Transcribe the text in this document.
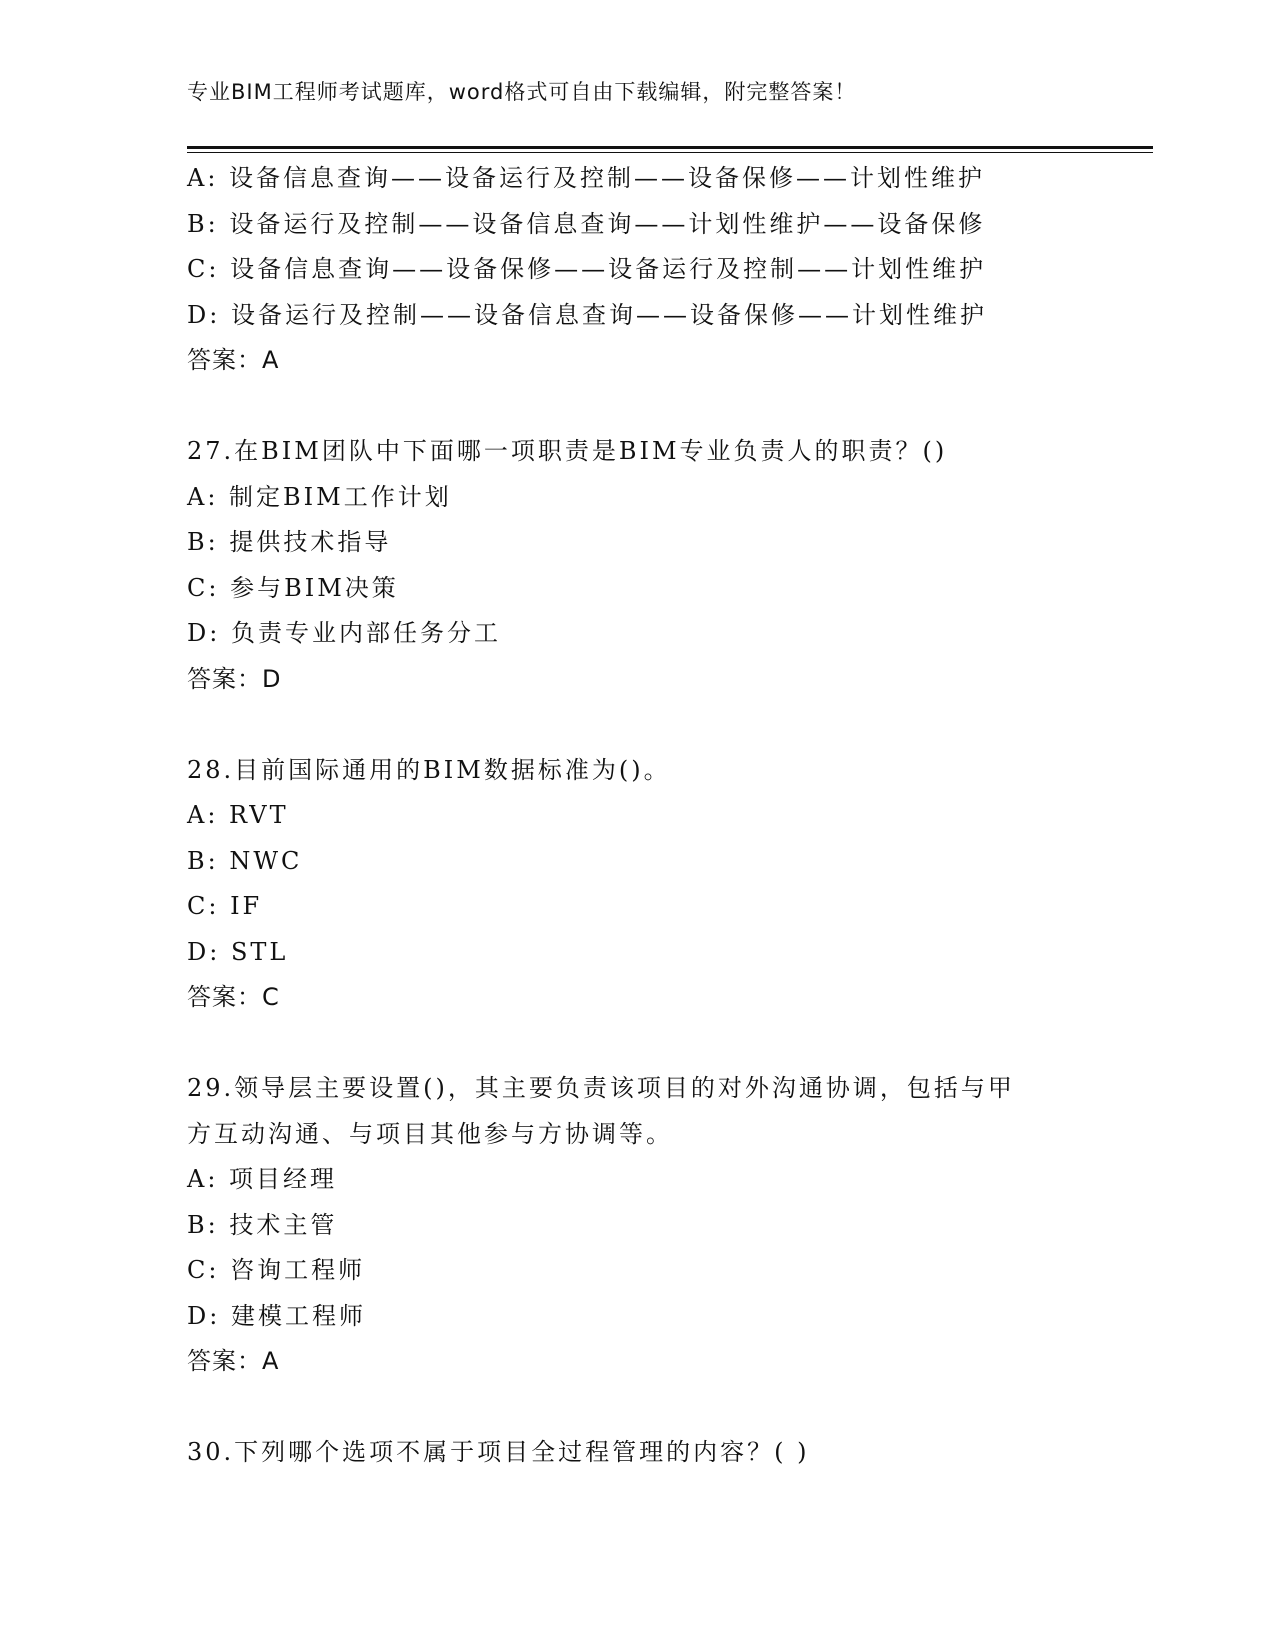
专业BIM工程师考试题库，word格式可自由下载编辑，附完整答案！
A: 设备信息查询——设备运行及控制——设备保修——计划性维护
B: 设备运行及控制——设备信息查询——计划性维护——设备保修
C: 设备信息查询——设备保修——设备运行及控制——计划性维护
D: 设备运行及控制——设备信息查询——设备保修——计划性维护
答案：A
27.在BIM团队中下面哪一项职责是BIM专业负责人的职责？()
A: 制定BIM工作计划
B: 提供技术指导
C: 参与BIM决策
D: 负责专业内部任务分工
答案：D
28.目前国际通用的BIM数据标准为()。
A: RVT
B: NWC
C: IF
D: STL
答案：C
29.领导层主要设置()，其主要负责该项目的对外沟通协调，包括与甲
方互动沟通、与项目其他参与方协调等。
A: 项目经理
B: 技术主管
C: 咨询工程师
D: 建模工程师
答案：A
30.下列哪个选项不属于项目全过程管理的内容？( )
